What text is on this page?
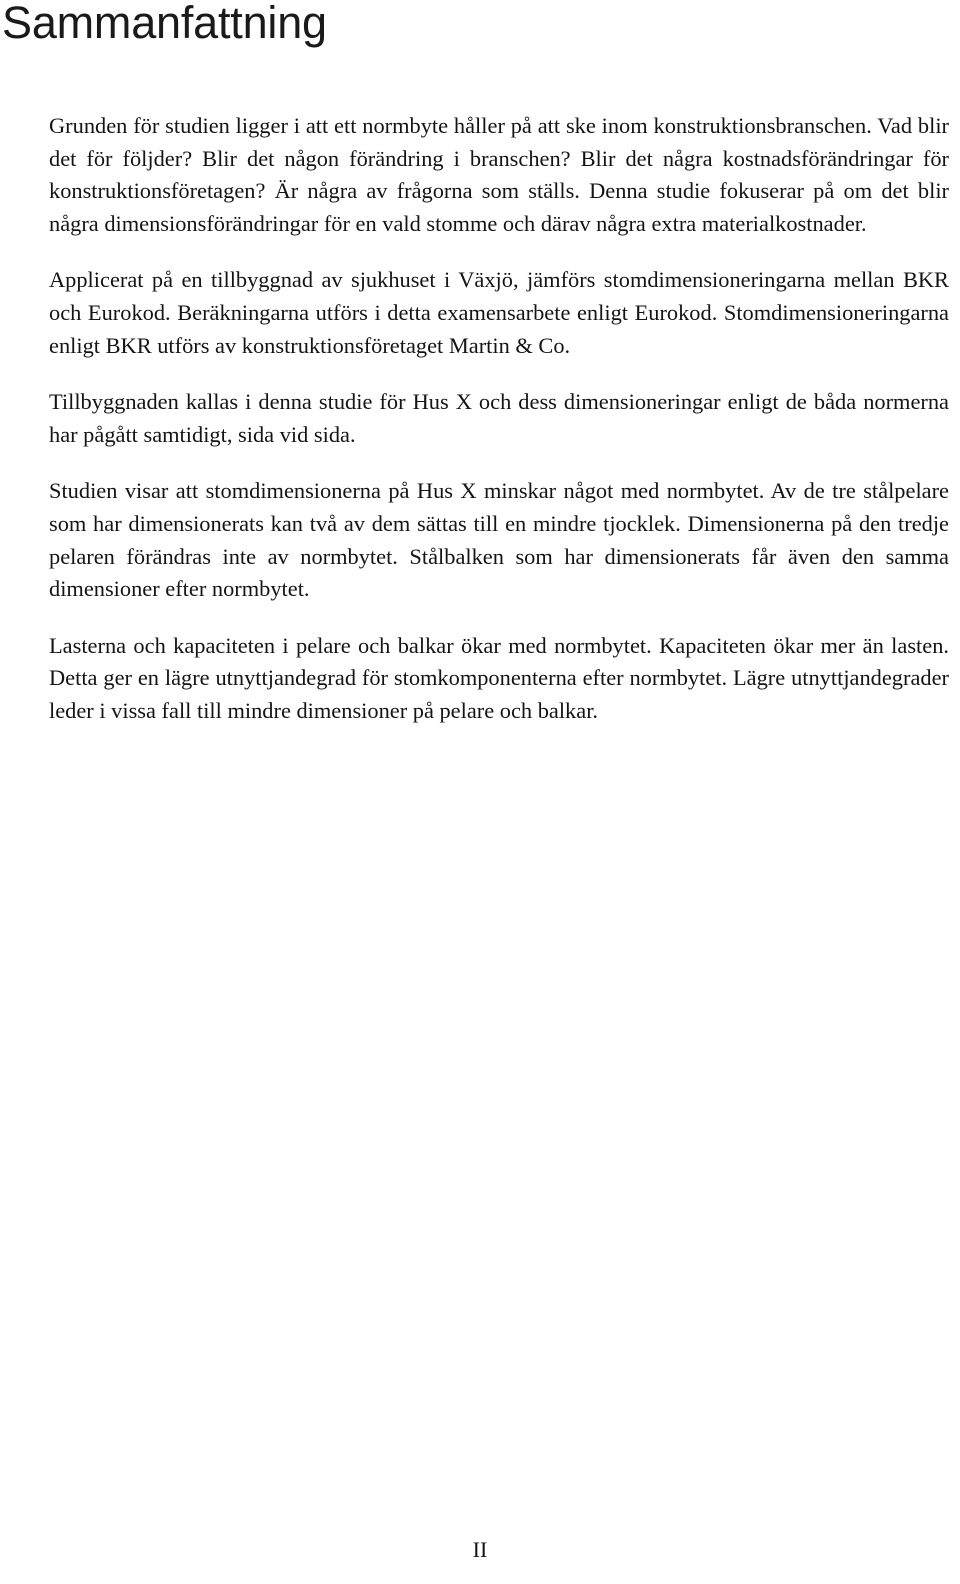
Sammanfattning

Grunden för studien ligger i att ett normbyte håller på att ske inom konstruktionsbranschen. Vad blir det för följder? Blir det någon förändring i branschen? Blir det några kostnadsförändringar för konstruktionsföretagen? Är några av frågorna som ställs. Denna studie fokuserar på om det blir några dimensionsförändringar för en vald stomme och därav några extra materialkostnader.

Applicerat på en tillbyggnad av sjukhuset i Växjö, jämförs stomdimensioneringarna mellan BKR och Eurokod. Beräkningarna utförs i detta examensarbete enligt Eurokod. Stomdimensioneringarna enligt BKR utförs av konstruktionsföretaget Martin & Co.

Tillbyggnaden kallas i denna studie för Hus X och dess dimensioneringar enligt de båda normerna har pågått samtidigt, sida vid sida.

Studien visar att stomdimensionerna på Hus X minskar något med normbytet. Av de tre stålpelare som har dimensionerats kan två av dem sättas till en mindre tjocklek. Dimensionerna på den tredje pelaren förändras inte av normbytet. Stålbalken som har dimensionerats får även den samma dimensioner efter normbytet.

Lasterna och kapaciteten i pelare och balkar ökar med normbytet. Kapaciteten ökar mer än lasten. Detta ger en lägre utnyttjandegrad för stomkomponenterna efter normbytet. Lägre utnyttjandegrader leder i vissa fall till mindre dimensioner på pelare och balkar.

II
